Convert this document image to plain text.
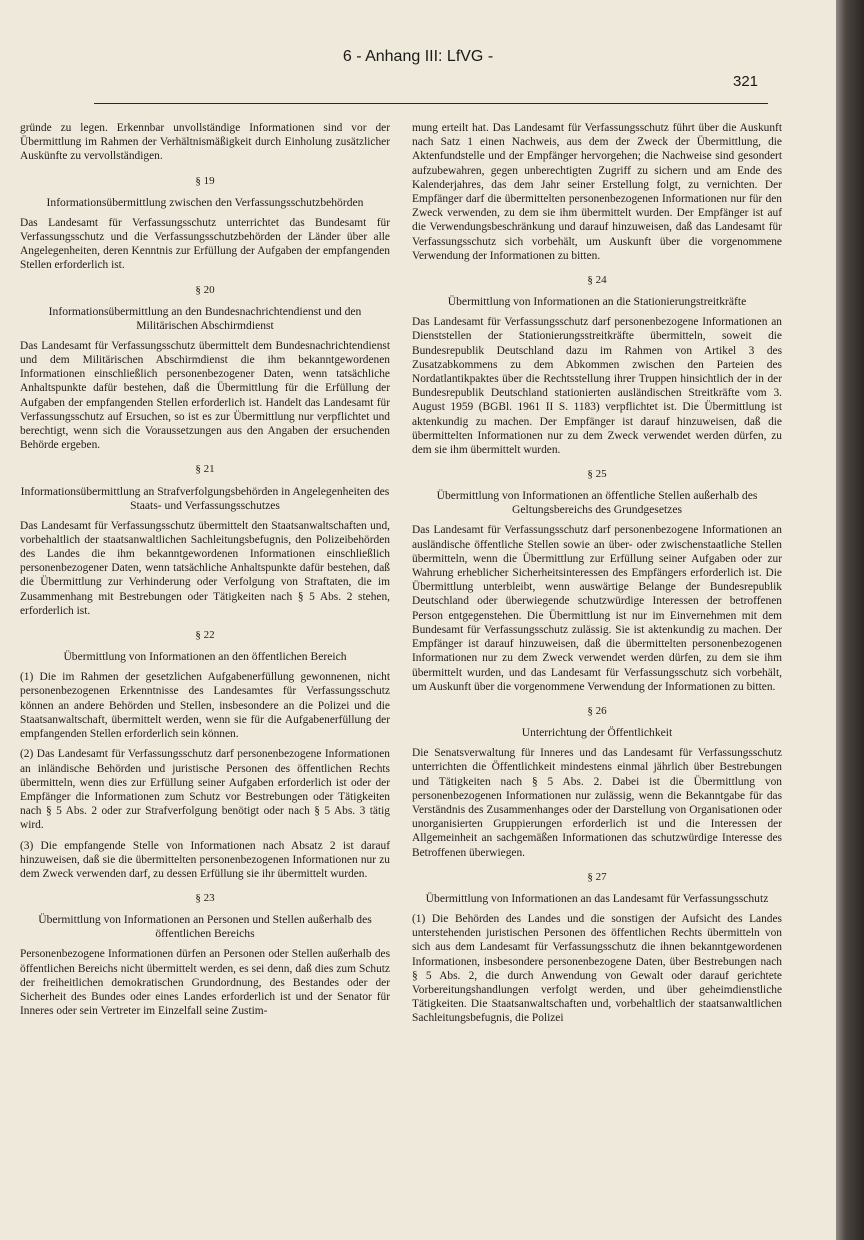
6 - Anhang III: LfVG -
321

gründe zu legen. Erkennbar unvollständige Informationen sind vor der Übermittlung im Rahmen der Verhältnismäßigkeit durch Einholung zusätzlicher Auskünfte zu vervollständigen.

§ 19
Informationsübermittlung zwischen den Verfassungsschutzbehörden

Das Landesamt für Verfassungsschutz unterrichtet das Bundesamt für Verfassungsschutz und die Verfassungsschutzbehörden der Länder über alle Angelegenheiten, deren Kenntnis zur Erfüllung der Aufgaben der empfangenden Stellen erforderlich ist.

§ 20
Informationsübermittlung an den Bundesnachrichtendienst und den Militärischen Abschirmdienst

Das Landesamt für Verfassungsschutz übermittelt dem Bundesnachrichtendienst und dem Militärischen Abschirmdienst die ihm bekanntgewordenen Informationen einschließlich personenbezogener Daten, wenn tatsächliche Anhaltspunkte dafür bestehen, daß die Übermittlung für die Erfüllung der Aufgaben der empfangenden Stellen erforderlich ist. Handelt das Landesamt für Verfassungsschutz auf Ersuchen, so ist es zur Übermittlung nur verpflichtet und berechtigt, wenn sich die Voraussetzungen aus den Angaben der ersuchenden Behörde ergeben.

§ 21
Informationsübermittlung an Strafverfolgungsbehörden in Angelegenheiten des Staats- und Verfassungsschutzes

Das Landesamt für Verfassungsschutz übermittelt den Staatsanwaltschaften und, vorbehaltlich der staatsanwaltlichen Sachleitungsbefugnis, den Polizeibehörden des Landes die ihm bekanntgewordenen Informationen einschließlich personenbezogener Daten, wenn tatsächliche Anhaltspunkte dafür bestehen, daß die Übermittlung zur Verhinderung oder Verfolgung von Straftaten, die im Zusammenhang mit Bestrebungen oder Tätigkeiten nach § 5 Abs. 2 stehen, erforderlich ist.

§ 22
Übermittlung von Informationen an den öffentlichen Bereich

(1) Die im Rahmen der gesetzlichen Aufgabenerfüllung gewonnenen, nicht personenbezogenen Erkenntnisse des Landesamtes für Verfassungsschutz können an andere Behörden und Stellen, insbesondere an die Polizei und die Staatsanwaltschaft, übermittelt werden, wenn sie für die Aufgabenerfüllung der empfangenden Stellen erforderlich sein können.

(2) Das Landesamt für Verfassungsschutz darf personenbezogene Informationen an inländische Behörden und juristische Personen des öffentlichen Rechts übermitteln, wenn dies zur Erfüllung seiner Aufgaben erforderlich ist oder der Empfänger die Informationen zum Schutz vor Bestrebungen oder Tätigkeiten nach § 5 Abs. 2 oder zur Strafverfolgung benötigt oder nach § 5 Abs. 3 tätig wird.

(3) Die empfangende Stelle von Informationen nach Absatz 2 ist darauf hinzuweisen, daß sie die übermittelten personenbezogenen Informationen nur zu dem Zweck verwenden darf, zu dessen Erfüllung sie ihr übermittelt wurden.

§ 23
Übermittlung von Informationen an Personen und Stellen außerhalb des öffentlichen Bereichs

Personenbezogene Informationen dürfen an Personen oder Stellen außerhalb des öffentlichen Bereichs nicht übermittelt werden, es sei denn, daß dies zum Schutz der freiheitlichen demokratischen Grundordnung, des Bestandes oder der Sicherheit des Bundes oder eines Landes erforderlich ist und der Senator für Inneres oder sein Vertreter im Einzelfall seine Zustim-

mung erteilt hat. Das Landesamt für Verfassungsschutz führt über die Auskunft nach Satz 1 einen Nachweis, aus dem der Zweck der Übermittlung, die Aktenfundstelle und der Empfänger hervorgehen; die Nachweise sind gesondert aufzubewahren, gegen unberechtigten Zugriff zu sichern und am Ende des Kalenderjahres, das dem Jahr seiner Erstellung folgt, zu vernichten. Der Empfänger darf die übermittelten personenbezogenen Informationen nur für den Zweck verwenden, zu dem sie ihm übermittelt wurden. Der Empfänger ist auf die Verwendungsbeschränkung und darauf hinzuweisen, daß das Landesamt für Verfassungsschutz sich vorbehält, um Auskunft über die vorgenommene Verwendung der Informationen zu bitten.

§ 24
Übermittlung von Informationen an die Stationierungstreitkräfte

Das Landesamt für Verfassungsschutz darf personenbezogene Informationen an Dienststellen der Stationierungsstreitkräfte übermitteln, soweit die Bundesrepublik Deutschland dazu im Rahmen von Artikel 3 des Zusatzabkommens zu dem Abkommen zwischen den Parteien des Nordatlantikpaktes über die Rechtsstellung ihrer Truppen hinsichtlich der in der Bundesrepublik Deutschland stationierten ausländischen Streitkräfte vom 3. August 1959 (BGBl. 1961 II S. 1183) verpflichtet ist. Die Übermittlung ist aktenkundig zu machen. Der Empfänger ist darauf hinzuweisen, daß die übermittelten Informationen nur zu dem Zweck verwendet werden dürfen, zu dem sie ihm übermittelt wurden.

§ 25
Übermittlung von Informationen an öffentliche Stellen außerhalb des Geltungsbereichs des Grundgesetzes

Das Landesamt für Verfassungsschutz darf personenbezogene Informationen an ausländische öffentliche Stellen sowie an über- oder zwischenstaatliche Stellen übermitteln, wenn die Übermittlung zur Erfüllung seiner Aufgaben oder zur Wahrung erheblicher Sicherheitsinteressen des Empfängers erforderlich ist. Die Übermittlung unterbleibt, wenn auswärtige Belange der Bundesrepublik Deutschland oder überwiegende schutzwürdige Interessen der betroffenen Person entgegenstehen. Die Übermittlung ist nur im Einvernehmen mit dem Bundesamt für Verfassungsschutz zulässig. Sie ist aktenkundig zu machen. Der Empfänger ist darauf hinzuweisen, daß die übermittelten personenbezogenen Informationen nur zu dem Zweck verwendet werden dürfen, zu dem sie ihm übermittelt wurden, und das Landesamt für Verfassungsschutz sich vorbehält, um Auskunft über die vorgenommene Verwendung der Informationen zu bitten.

§ 26
Unterrichtung der Öffentlichkeit

Die Senatsverwaltung für Inneres und das Landesamt für Verfassungsschutz unterrichten die Öffentlichkeit mindestens einmal jährlich über Bestrebungen und Tätigkeiten nach § 5 Abs. 2. Dabei ist die Übermittlung von personenbezogenen Informationen nur zulässig, wenn die Bekanntgabe für das Verständnis des Zusammenhanges oder der Darstellung von Organisationen oder unorganisierten Gruppierungen erforderlich ist und die Interessen der Allgemeinheit an sachgemäßen Informationen das schutzwürdige Interesse des Betroffenen überwiegen.

§ 27
Übermittlung von Informationen an das Landesamt für Verfassungsschutz

(1) Die Behörden des Landes und die sonstigen der Aufsicht des Landes unterstehenden juristischen Personen des öffentlichen Rechts übermitteln von sich aus dem Landesamt für Verfassungsschutz die ihnen bekanntgewordenen Informationen, insbesondere personenbezogene Daten, über Bestrebungen nach § 5 Abs. 2, die durch Anwendung von Gewalt oder darauf gerichtete Vorbereitungshandlungen verfolgt werden, und über geheimdienstliche Tätigkeiten. Die Staatsanwaltschaften und, vorbehaltlich der staatsanwaltlichen Sachleitungsbefugnis, die Polizei
